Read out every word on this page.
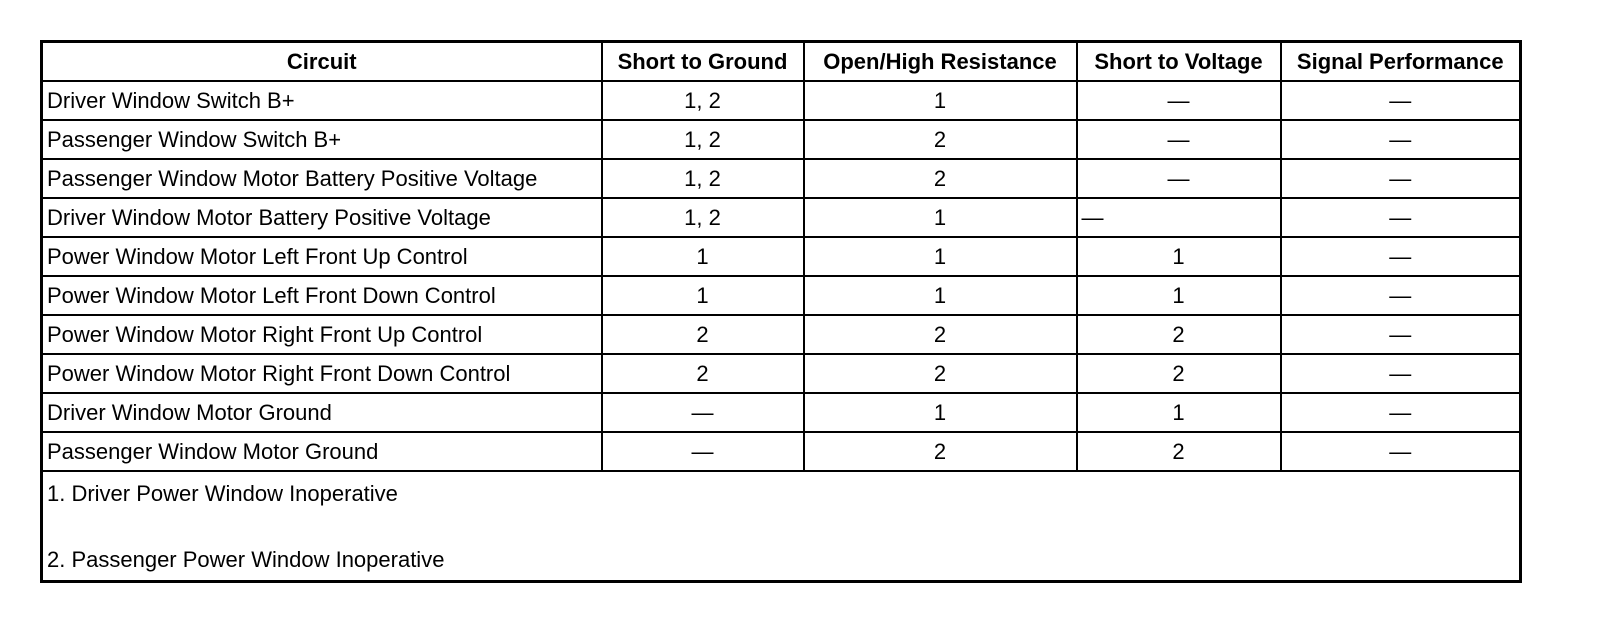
Circuit	Short to Ground	Open/High Resistance	Short to Voltage	Signal Performance
Driver Window Switch B+	1, 2	1	—	—
Passenger Window Switch B+	1, 2	2	—	—
Passenger Window Motor Battery Positive Voltage	1, 2	2	—	—
Driver Window Motor Battery Positive Voltage	1, 2	1	—	—
Power Window Motor Left Front Up Control	1	1	1	—
Power Window Motor Left Front Down Control	1	1	1	—
Power Window Motor Right Front Up Control	2	2	2	—
Power Window Motor Right Front Down Control	2	2	2	—
Driver Window Motor Ground	—	1	1	—
Passenger Window Motor Ground	—	2	2	—

1. Driver Power Window Inoperative
2. Passenger Power Window Inoperative				
